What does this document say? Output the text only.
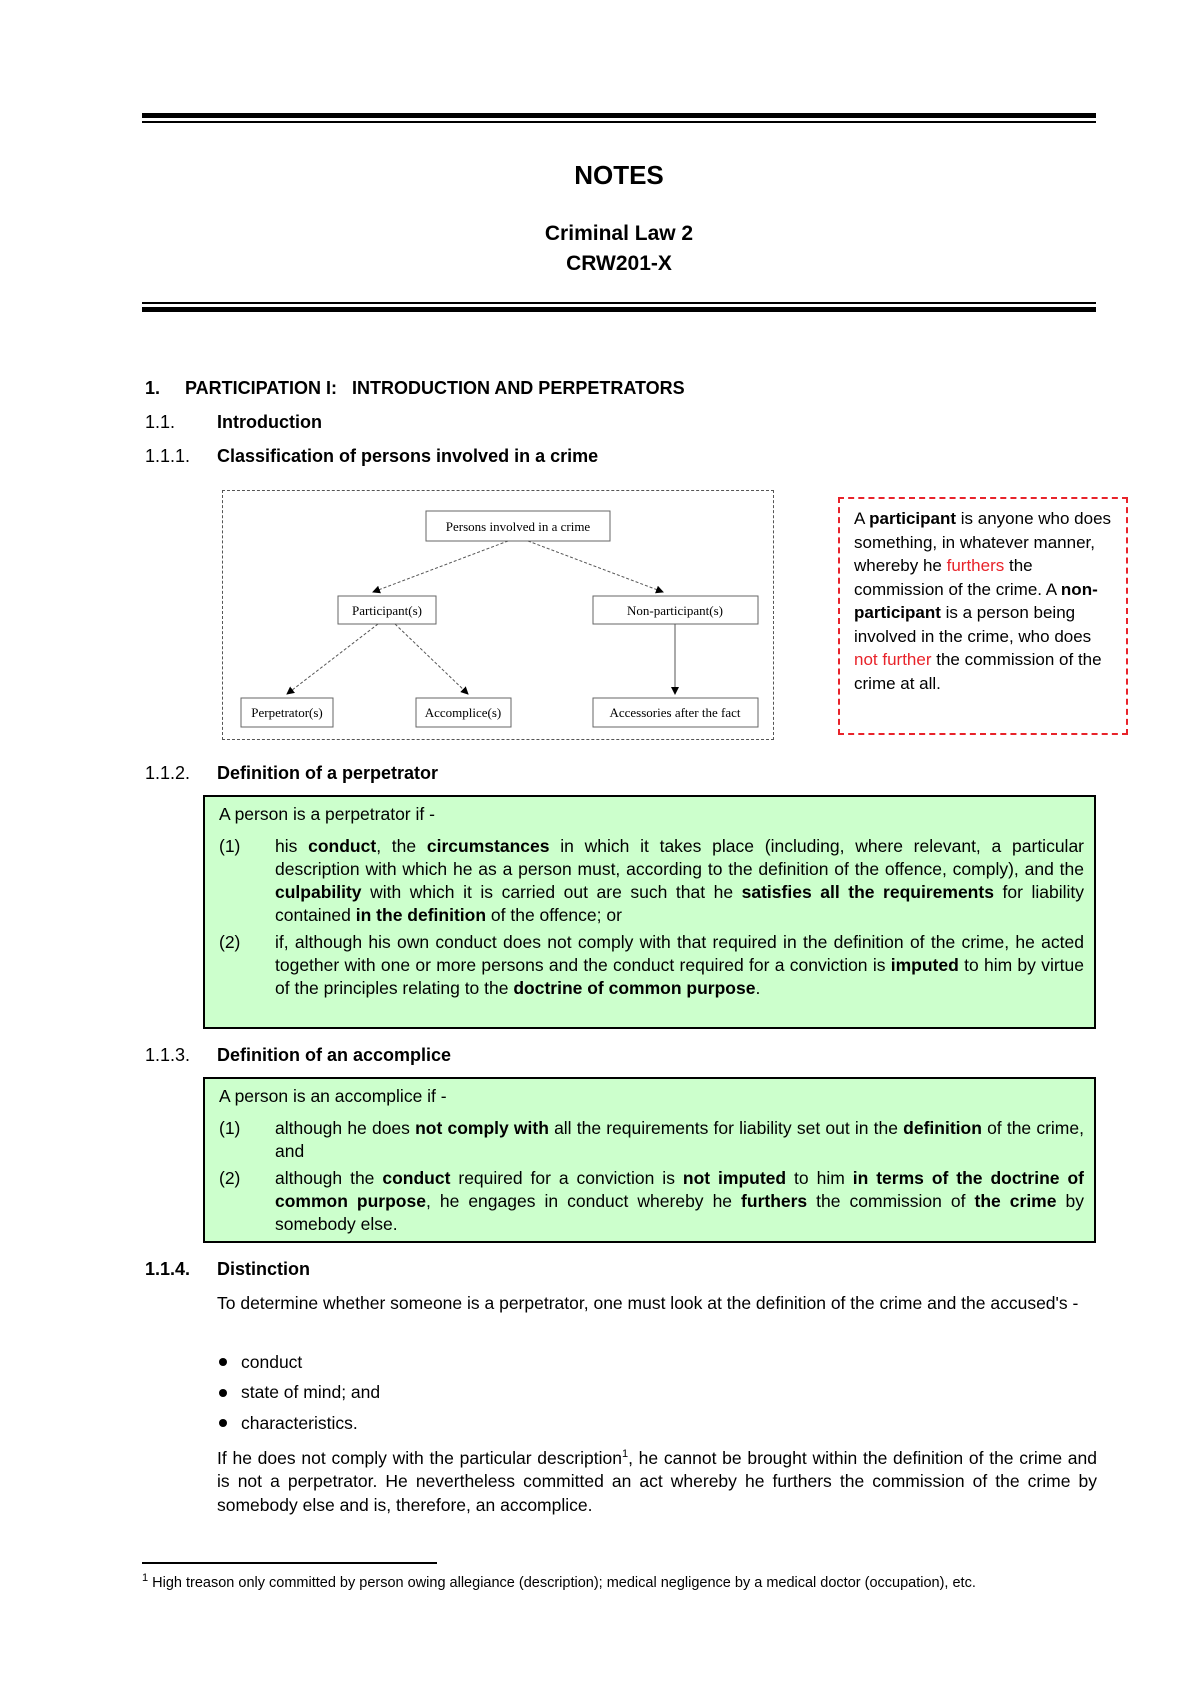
NOTES
Criminal Law 2
CRW201-X
1. PARTICIPATION I:   INTRODUCTION AND PERPETRATORS
1.1. Introduction
1.1.1. Classification of persons involved in a crime
Persons involved in a crime
Participant(s)	Non-participant(s)
Perpetrator(s)	Accomplice(s)	Accessories after the fact
A participant is anyone who does something, in whatever manner, whereby he furthers the commission of the crime. A non-participant is a person being involved in the crime, who does not further the commission of the crime at all.
1.1.2. Definition of a perpetrator
A person is a perpetrator if -
(1)	his conduct, the circumstances in which it takes place (including, where relevant, a particular description with which he as a person must, according to the definition of the offence, comply), and the culpability with which it is carried out are such that he satisfies all the requirements for liability contained in the definition of the offence; or
(2)	if, although his own conduct does not comply with that required in the definition of the crime, he acted together with one or more persons and the conduct required for a conviction is imputed to him by virtue of the principles relating to the doctrine of common purpose.
1.1.3. Definition of an accomplice
A person is an accomplice if -
(1)	although he does not comply with all the requirements for liability set out in the definition of the crime, and
(2)	although the conduct required for a conviction is not imputed to him in terms of the doctrine of common purpose, he engages in conduct whereby he furthers the commission of the crime by somebody else.
1.1.4. Distinction
To determine whether someone is a perpetrator, one must look at the definition of the crime and the accused's -
conduct
state of mind; and
characteristics.
If he does not comply with the particular description$^1$, he cannot be brought within the definition of the crime and is not a perpetrator. He nevertheless committed an act whereby he furthers the commission of the crime by somebody else and is, therefore, an accomplice.
$^1$ High treason only committed by person owing allegiance (description); medical negligence by a medical doctor (occupation), etc.
